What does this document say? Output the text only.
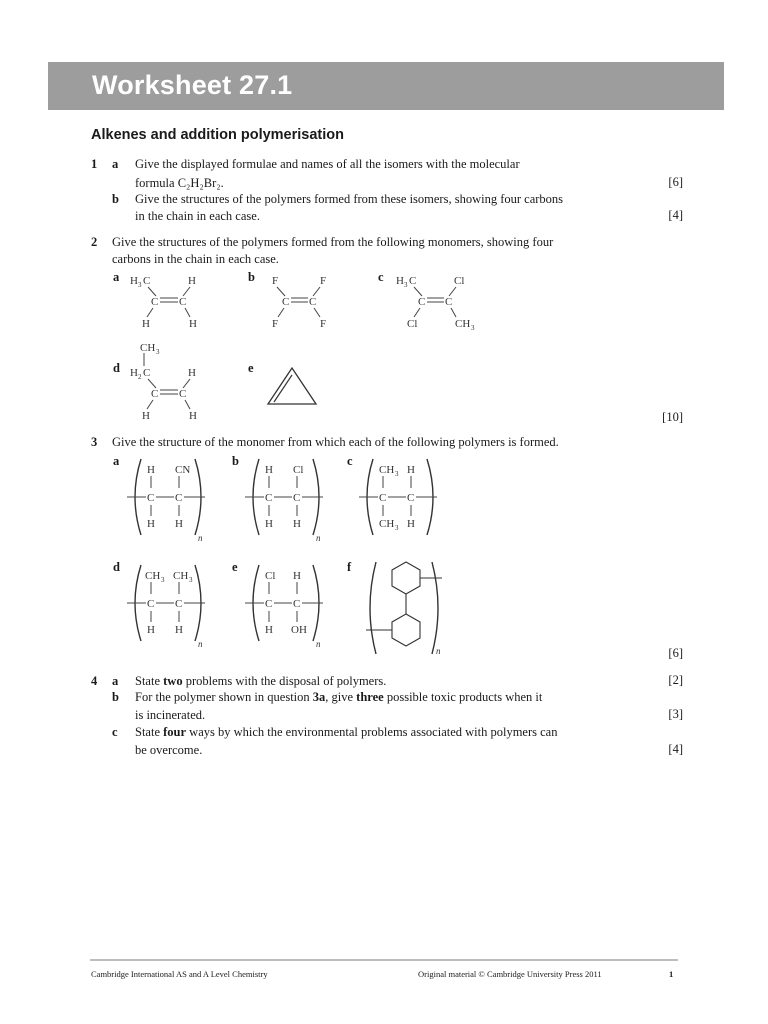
Worksheet 27.1
Alkenes and addition polymerisation
1 a Give the displayed formulae and names of all the isomers with the molecular
formula C₂H₂Br₂.	[6]
b Give the structures of the polymers formed from these isomers, showing four carbons
in the chain in each case.	[4]
2 Give the structures of the polymers formed from the following monomers, showing four
carbons in the chain in each case.
a	b	c
d	e
H 3 C	H
C C
H	H
F	F
C C
F	F
H 3 C	Cl
C C
Cl	CH 3
CH 3
H 2 C	H
C C
H	H	[10]
3 Give the structure of the monomer from which each of the following polymers is formed.
a	b	c
d	e	f
H CN
C C
H H
n
H Cl
C C
H H
n
CH 3 H
C C
CH 3 H
CH 3 CH 3
C C
H H
n
Cl H
C C
H OH
n
n	[6]
4 a State two problems with the disposal of polymers.	[2]
b For the polymer shown in question 3a, give three possible toxic products when it
is incinerated.	[3]
c State four ways by which the environmental problems associated with polymers can
be overcome.	[4]
Cambridge International AS and A Level Chemistry	Original material © Cambridge University Press 2011	1
